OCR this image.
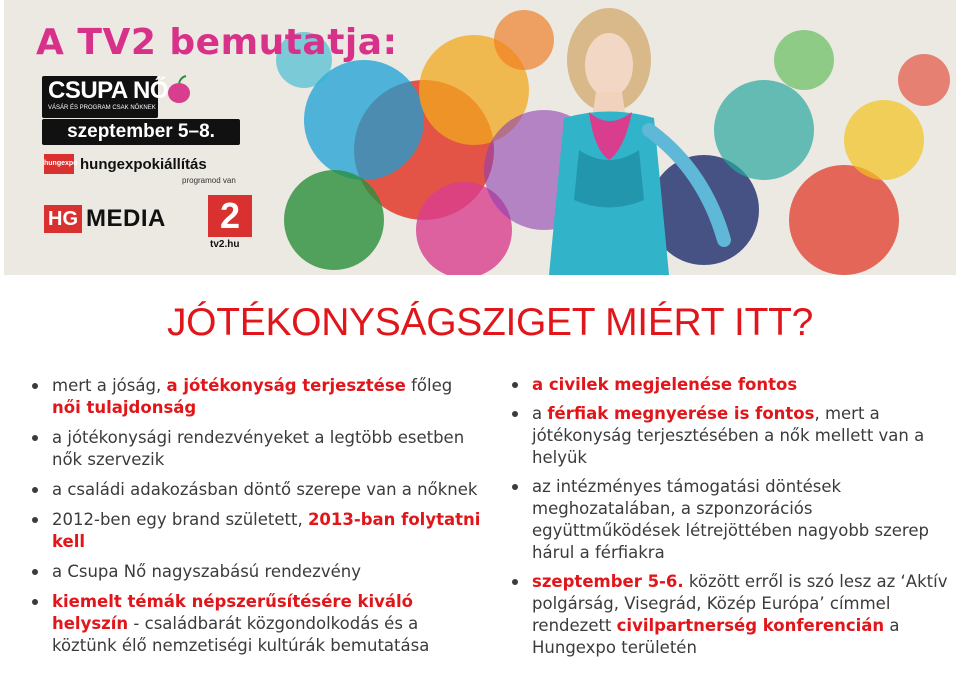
A TV2 bemutatja:
CSUPA NŐ
VÁSÁR ÉS PROGRAM CSAK NŐKNEK
szeptember 5–8.
hungexpo hungexpokiállítás
programod van
HG MEDIA	2
tv2.hu
JÓTÉKONYSÁGSZIGET MIÉRT ITT?
mert a jóság, a jótékonyság terjesztése főleg női tulajdonság
a jótékonysági rendezvényeket a legtöbb esetben nők szervezik
a családi adakozásban döntő szerepe van a nőknek
2012-ben egy brand született, 2013-ban folytatni kell
a Csupa Nő nagyszabású rendezvény
kiemelt témák népszerűsítésére kiváló helyszín - családbarát közgondolkodás és a köztünk élő nemzetiségi kultúrák bemutatása
a civilek megjelenése fontos
a férfiak megnyerése is fontos, mert a jótékonyság terjesztésében a nők mellett van a helyük
az intézményes támogatási döntések meghozatalában, a szponzorációs együttműködések létrejöttében nagyobb szerep hárul a férfiakra
szeptember 5-6. között erről is szó lesz az ‘Aktív polgárság, Visegrád, Közép Európa’ címmel rendezett civilpartnerség konferencián a Hungexpo területén
